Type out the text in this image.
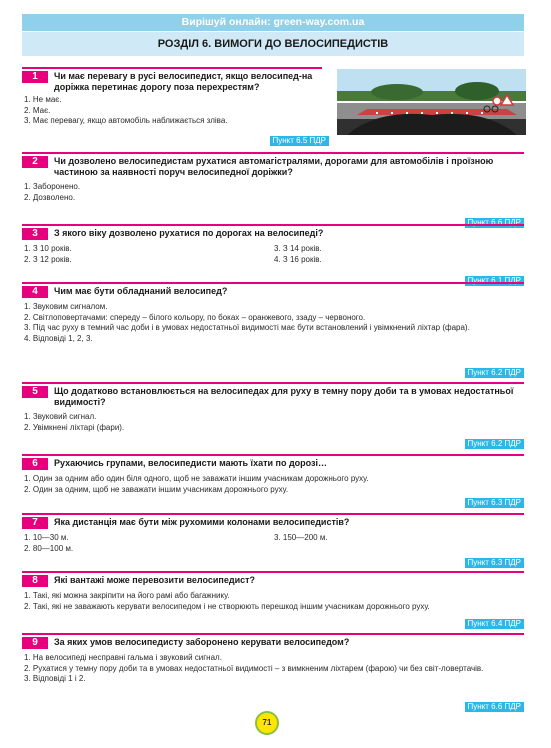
Вирішуй онлайн: green-way.com.ua
РОЗДІЛ 6. ВИМОГИ ДО ВЕЛОСИПЕДИСТІВ
1	Чи має перевагу в русі велосипедист, якщо велосипед-на доріжка перетинає дорогу поза перехрестям?
1. Не має.
2. Має.
3. Має перевагу, якщо автомобіль наближається зліва.
Пункт 6.5 ПДР
2	Чи дозволено велосипедистам рухатися автомагістралями, дорогами для автомобілів і проїзною частиною за наявності поруч велосипедної доріжки?
1. Заборонено.
2. Дозволено.
Пункт 6.6 ПДР
3	З якого віку дозволено рухатися по дорогах на велосипеді?
1. З 10 років.
2. З 12 років.
3. З 14 років.
4. З 16 років.
Пункт 6.1 ПДР
4	Чим має бути обладнаний велосипед?
1. Звуковим сигналом.
2. Світлоповертачами: спереду – білого кольору, по боках – оранжевого, ззаду – червоного.
3. Під час руху в темний час доби і в умовах недостатньої видимості має бути встановлений і увімкнений ліхтар (фара).
4. Відповіді 1, 2, 3.
Пункт 6.2 ПДР
5	Що додатково встановлюється на велосипедах для руху в темну пору доби та в умовах недостатньої видимості?
1. Звуковий сигнал.
2. Увімкнені ліхтарі (фари).
Пункт 6.2 ПДР
6	Рухаючись групами, велосипедисти мають їхати по дорозі…
1. Один за одним або один біля одного, щоб не заважати іншим учасникам дорожнього руху.
2. Один за одним, щоб не заважати іншим учасникам дорожнього руху.
Пункт 6.3 ПДР
7	Яка дистанція має бути між рухомими колонами велосипедистів?
1. 10—30 м.
2. 80—100 м.
3. 150—200 м.
Пункт 6.3 ПДР
8	Які вантажі може перевозити велосипедист?
1. Такі, які можна закріпити на його рамі або багажнику.
2. Такі, які не заважають керувати велосипедом і не створюють перешкод іншим учасникам дорожнього руху.
Пункт 6.4 ПДР
9	За яких умов велосипедисту заборонено керувати велосипедом?
1. На велосипеді несправні гальма і звуковий сигнал.
2. Рухатися у темну пору доби та в умовах недостатньої видимості – з вимкненим ліхтарем (фарою) чи без світ-ловертачів.
3. Відповіді 1 і 2.
Пункт 6.6 ПДР
71
